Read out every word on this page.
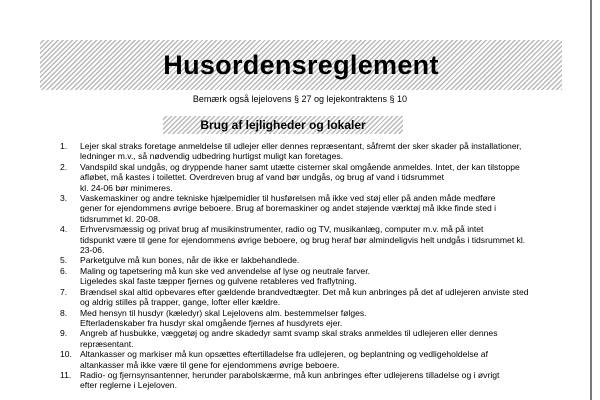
Husordensreglement
Bemærk også lejelovens § 27 og lejekontraktens § 10
Brug af lejligheder og lokaler
1.	Lejer skal straks foretage anmeldelse til udlejer eller dennes repræsentant, såfremt der sker skader på installationer,
ledninger m.v., så nødvendig udbedring hurtigst muligt kan foretages.
2.	Vandspild skal undgås, og dryppende haner samt utætte cisterner skal omgående anmeldes. Intet, der kan tilstoppe
afløbet, må kastes i toilettet. Overdreven brug af vand bør undgås, og brug af vand i tidsrummet
kl. 24-06 bør minimeres.
3.	Vaskemaskiner og andre tekniske hjælpemidler til husførelsen må ikke ved støj eller på anden måde medføre
gener for ejendommens øvrige beboere. Brug af boremaskiner og andet støjende værktøj må ikke finde sted i
tidsrummet kl. 20-08.
4.	Erhvervsmæssig og privat brug af musikinstrumenter, radio og TV, musikanlæg, computer m.v. må på intet
tidspunkt være til gene for ejendommens øvrige beboere, og brug heraf bør almindeligvis helt undgås i tidsrummet kl.
23-06.
5.	Parketgulve må kun bones, når de ikke er lakbehandlede.
6.	Maling og tapetsering må kun ske ved anvendelse af lyse og neutrale farver.
Ligeledes skal faste tæpper fjernes og gulvene retableres ved fraflytning.
7.	Brændsel skal altid opbevares efter gældende brandvedtægter. Det må kun anbringes på det af udlejeren anviste sted
og aldrig stilles på trapper, gange, lofter eller kældre.
8.	Med hensyn til husdyr (kæledyr) skal Lejelovens alm. bestemmelser følges.
Efterladenskaber fra husdyr skal omgående fjernes af husdyrets ejer.
9.	Angreb af husbukke, væggetøj og andre skadedyr samt svamp skal straks anmeldes til udlejeren eller dennes
repræsentant.
10. Altankasser og markiser må kun opsættes eftertilladelse fra udlejeren, og beplantning og vedligeholdelse af
altankasser må ikke være til gene for ejendommens øvrige beboere.
11.	Radio- og fjernsynsantenner, herunder parabolskærme, må kun anbringes efter udlejerens tilladelse og i øvrigt
efter reglerne i Lejeloven.
